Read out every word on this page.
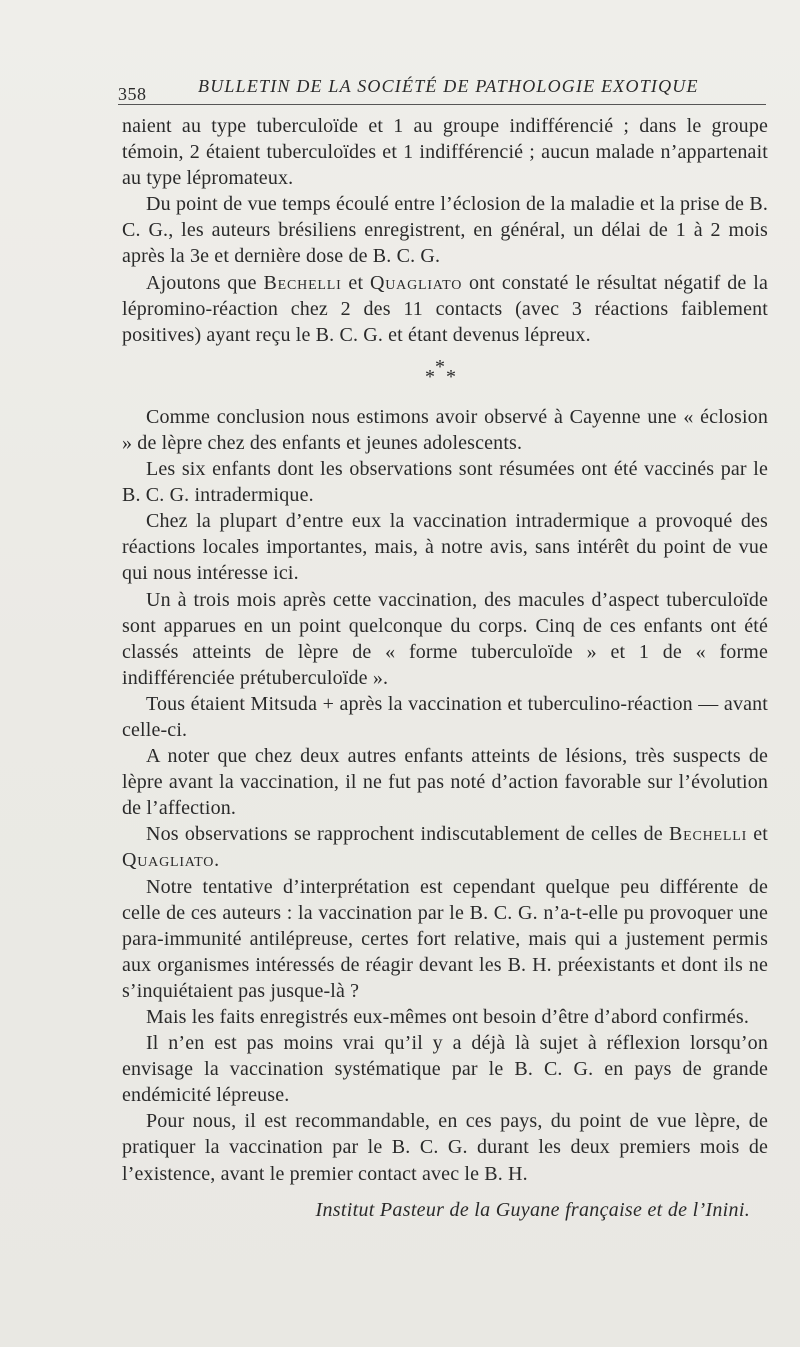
358	BULLETIN DE LA SOCIÉTÉ DE PATHOLOGIE EXOTIQUE

naient au type tuberculoïde et 1 au groupe indifférencié ; dans le groupe témoin, 2 étaient tuberculoïdes et 1 indifférencié ; aucun malade n’appartenait au type lépromateux.

Du point de vue temps écoulé entre l’éclosion de la maladie et la prise de B. C. G., les auteurs brésiliens enregistrent, en général, un délai de 1 à 2 mois après la 3e et dernière dose de B. C. G.

Ajoutons que Bechelli et Quagliato ont constaté le résultat négatif de la lépromino-réaction chez 2 des 11 contacts (avec 3 réactions faiblement positives) ayant reçu le B. C. G. et étant devenus lépreux.

*
* *

Comme conclusion nous estimons avoir observé à Cayenne une « éclosion » de lèpre chez des enfants et jeunes adolescents.

Les six enfants dont les observations sont résumées ont été vaccinés par le B. C. G. intradermique.

Chez la plupart d’entre eux la vaccination intradermique a provoqué des réactions locales importantes, mais, à notre avis, sans intérêt du point de vue qui nous intéresse ici.

Un à trois mois après cette vaccination, des macules d’aspect tuberculoïde sont apparues en un point quelconque du corps. Cinq de ces enfants ont été classés atteints de lèpre de « forme tuberculoïde » et 1 de « forme indifférenciée prétuberculoïde ».

Tous étaient Mitsuda + après la vaccination et tuberculino-réaction — avant celle-ci.

A noter que chez deux autres enfants atteints de lésions, très suspects de lèpre avant la vaccination, il ne fut pas noté d’action favorable sur l’évolution de l’affection.

Nos observations se rapprochent indiscutablement de celles de Bechelli et Quagliato.

Notre tentative d’interprétation est cependant quelque peu différente de celle de ces auteurs : la vaccination par le B. C. G. n’a-t-elle pu provoquer une para-immunité antilépreuse, certes fort relative, mais qui a justement permis aux organismes intéressés de réagir devant les B. H. préexistants et dont ils ne s’inquiétaient pas jusque-là ?

Mais les faits enregistrés eux-mêmes ont besoin d’être d’abord confirmés.

Il n’en est pas moins vrai qu’il y a déjà là sujet à réflexion lorsqu’on envisage la vaccination systématique par le B. C. G. en pays de grande endémicité lépreuse.

Pour nous, il est recommandable, en ces pays, du point de vue lèpre, de pratiquer la vaccination par le B. C. G. durant les deux premiers mois de l’existence, avant le premier contact avec le B. H.

Institut Pasteur de la Guyane française et de l’Inini.
